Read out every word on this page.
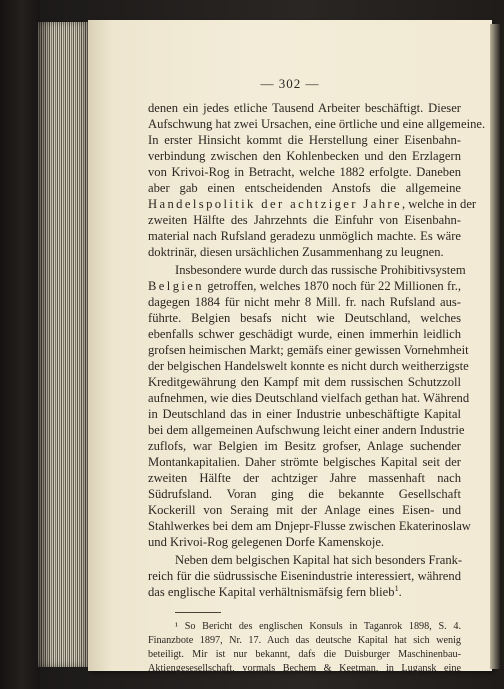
— 302 —
denen ein jedes etliche Tausend Arbeiter beschäftigt. Dieser
Aufschwung hat zwei Ursachen, eine örtliche und eine allgemeine.
In erster Hinsicht kommt die Herstellung einer Eisenbahn-
verbindung zwischen den Kohlenbecken und den Erzlagern
von Krivoi-Rog in Betracht, welche 1882 erfolgte. Daneben
aber gab einen entscheidenden Anstofs die allgemeine
Handelspolitik der achtziger Jahre, welche in der
zweiten Hälfte des Jahrzehnts die Einfuhr von Eisenbahn-
material nach Rufsland geradezu unmöglich machte. Es wäre
doktrinär, diesen ursächlichen Zusammenhang zu leugnen.
Insbesondere wurde durch das russische Prohibitivsystem
Belgien getroffen, welches 1870 noch für 22 Millionen fr.,
dagegen 1884 für nicht mehr 8 Mill. fr. nach Rufsland aus-
führte. Belgien besafs nicht wie Deutschland, welches
ebenfalls schwer geschädigt wurde, einen immerhin leidlich
grofsen heimischen Markt; gemäfs einer gewissen Vornehmheit
der belgischen Handelswelt konnte es nicht durch weitherzigste
Kreditgewährung den Kampf mit dem russischen Schutzzoll
aufnehmen, wie dies Deutschland vielfach gethan hat. Während
in Deutschland das in einer Industrie unbeschäftigte Kapital
bei dem allgemeinen Aufschwung leicht einer andern Industrie
zuflofs, war Belgien im Besitz grofser, Anlage suchender
Montankapitalien. Daher strömte belgisches Kapital seit der
zweiten Hälfte der achtziger Jahre massenhaft nach
Südrufsland. Voran ging die bekannte Gesellschaft
Kockerill von Seraing mit der Anlage eines Eisen- und
Stahlwerkes bei dem am Dnjepr-Flusse zwischen Ekaterinoslaw
und Krivoi-Rog gelegenen Dorfe Kamenskoje.
Neben dem belgischen Kapital hat sich besonders Frank-
reich für die südrussische Eisenindustrie interessiert, während
das englische Kapital verhältnismäfsig fern blieb$^1$.
¹ So Bericht des englischen Konsuls in Taganrok 1898, S. 4.
Finanzbote 1897, Nr. 17. Auch das deutsche Kapital hat sich wenig
beteiligt. Mir ist nur bekannt, dafs die Duisburger Maschinenbau-
Aktiengesesellschaft, vormals Bechem & Keetman, in Lugansk eine
